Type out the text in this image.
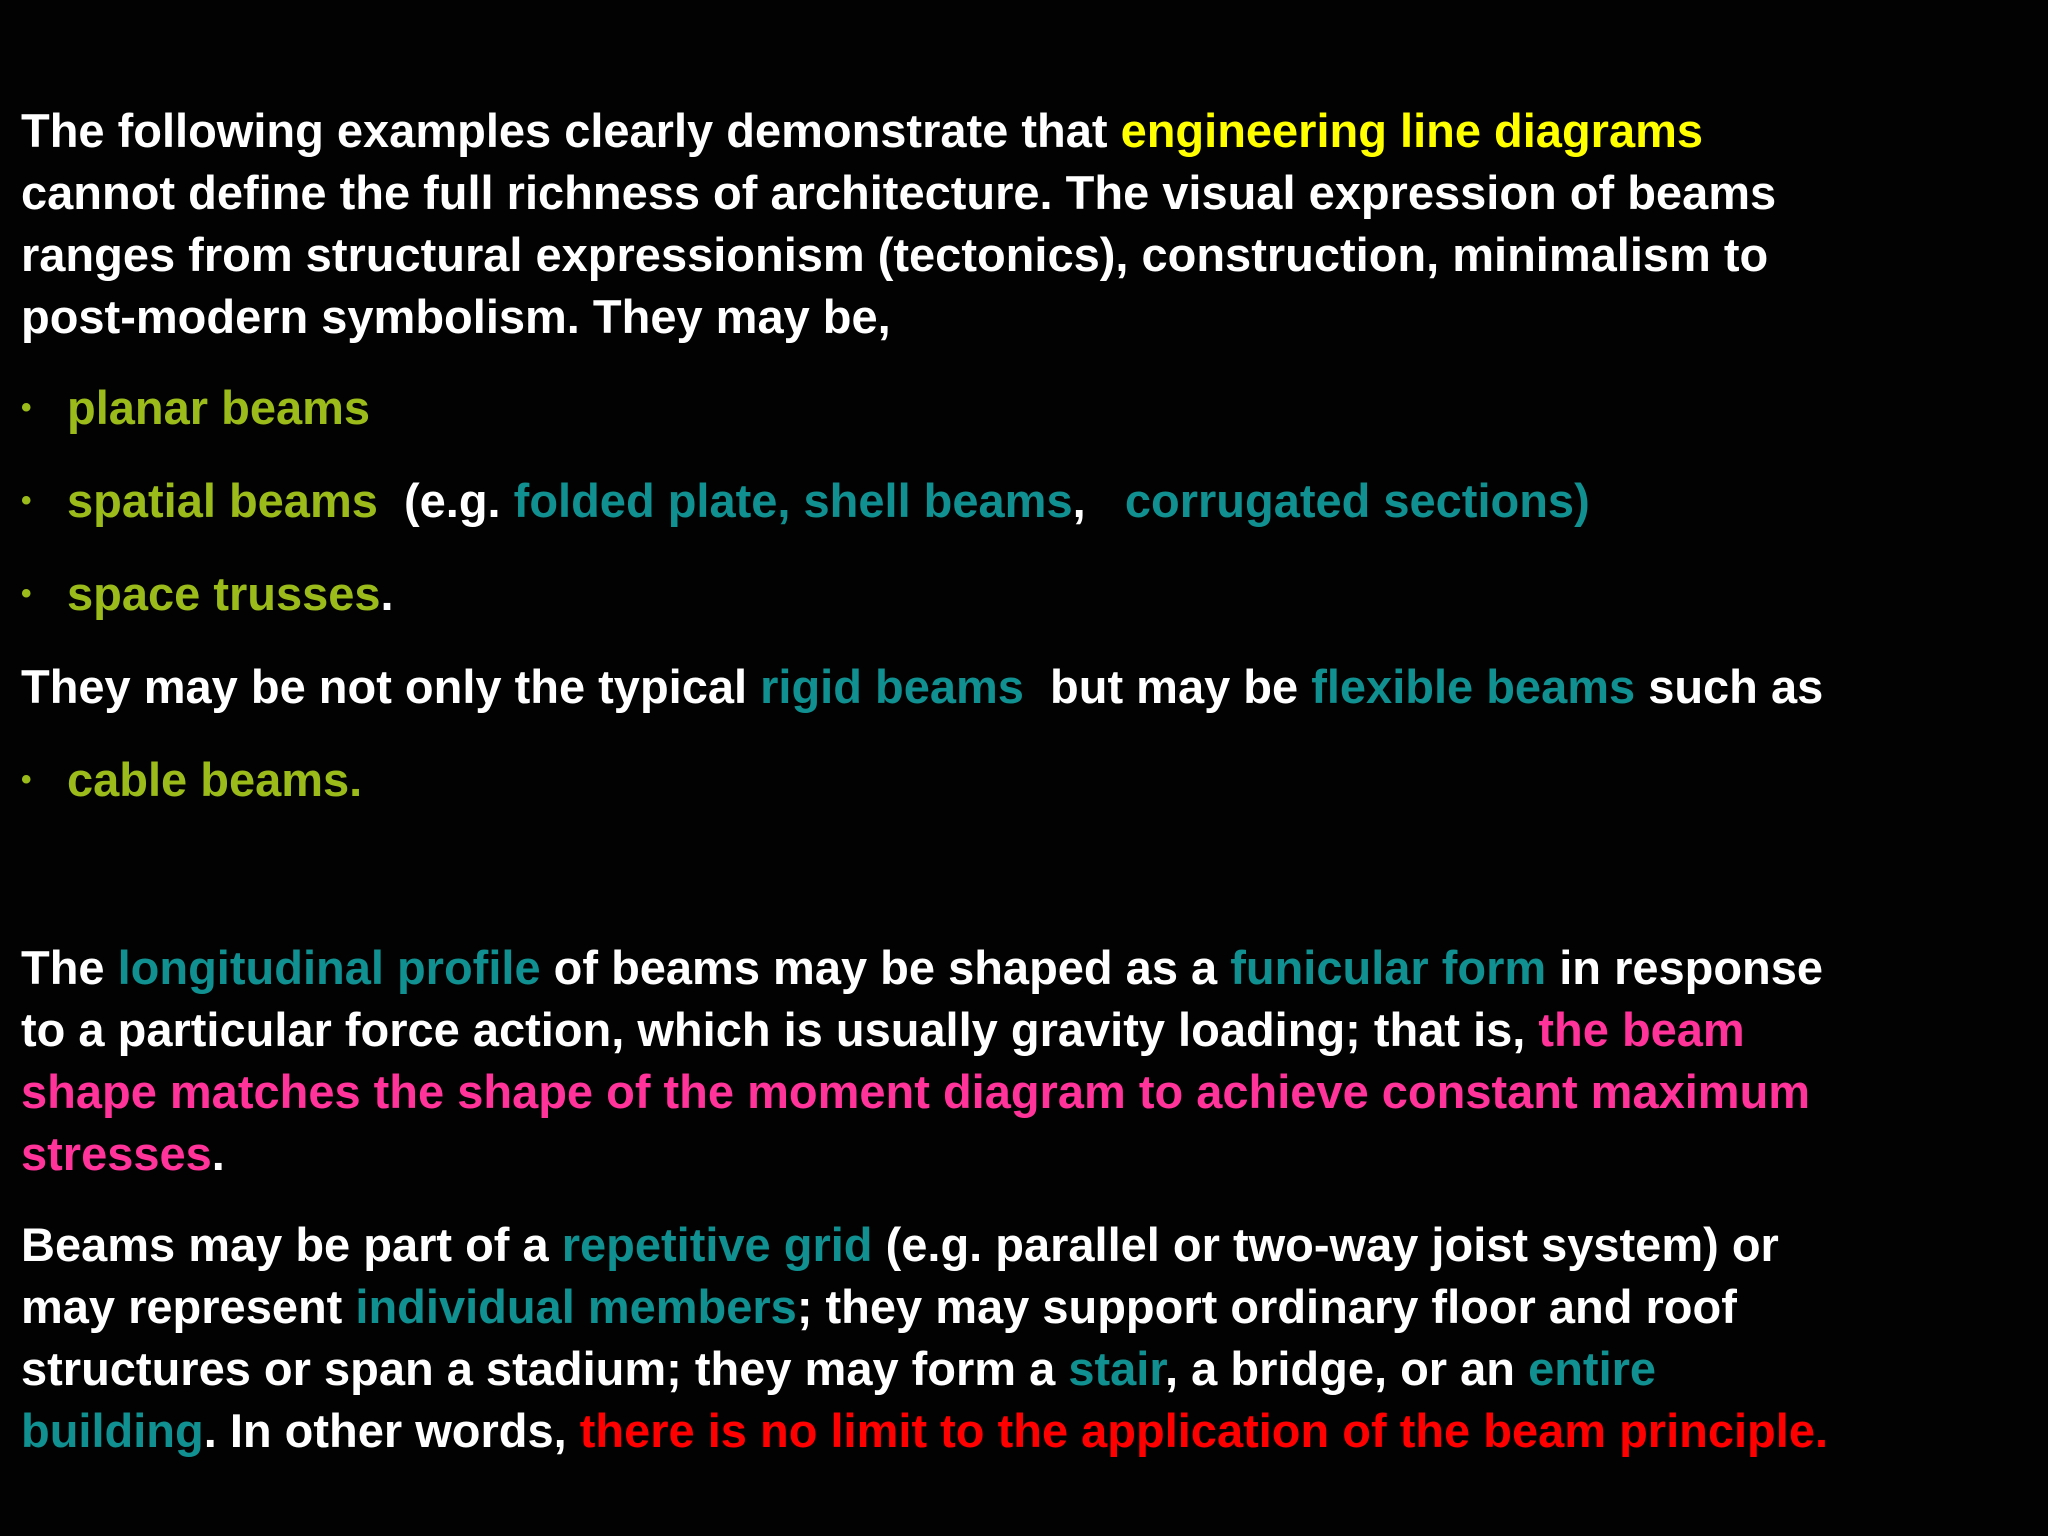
The following examples clearly demonstrate that engineering line diagrams
cannot define the full richness of architecture. The visual expression of beams
ranges from structural expressionism (tectonics), construction, minimalism to
post-modern symbolism. They may be,
• planar beams
• spatial beams  (e.g. folded plate, shell beams,   corrugated sections)
• space trusses.
They may be not only the typical rigid beams  but may be flexible beams such as
• cable beams.
The longitudinal profile of beams may be shaped as a funicular form in response
to a particular force action, which is usually gravity loading; that is, the beam
shape matches the shape of the moment diagram to achieve constant maximum
stresses.
Beams may be part of a repetitive grid (e.g. parallel or two-way joist system) or
may represent individual members; they may support ordinary floor and roof
structures or span a stadium; they may form a stair, a bridge, or an entire
building. In other words, there is no limit to the application of the beam principle.
